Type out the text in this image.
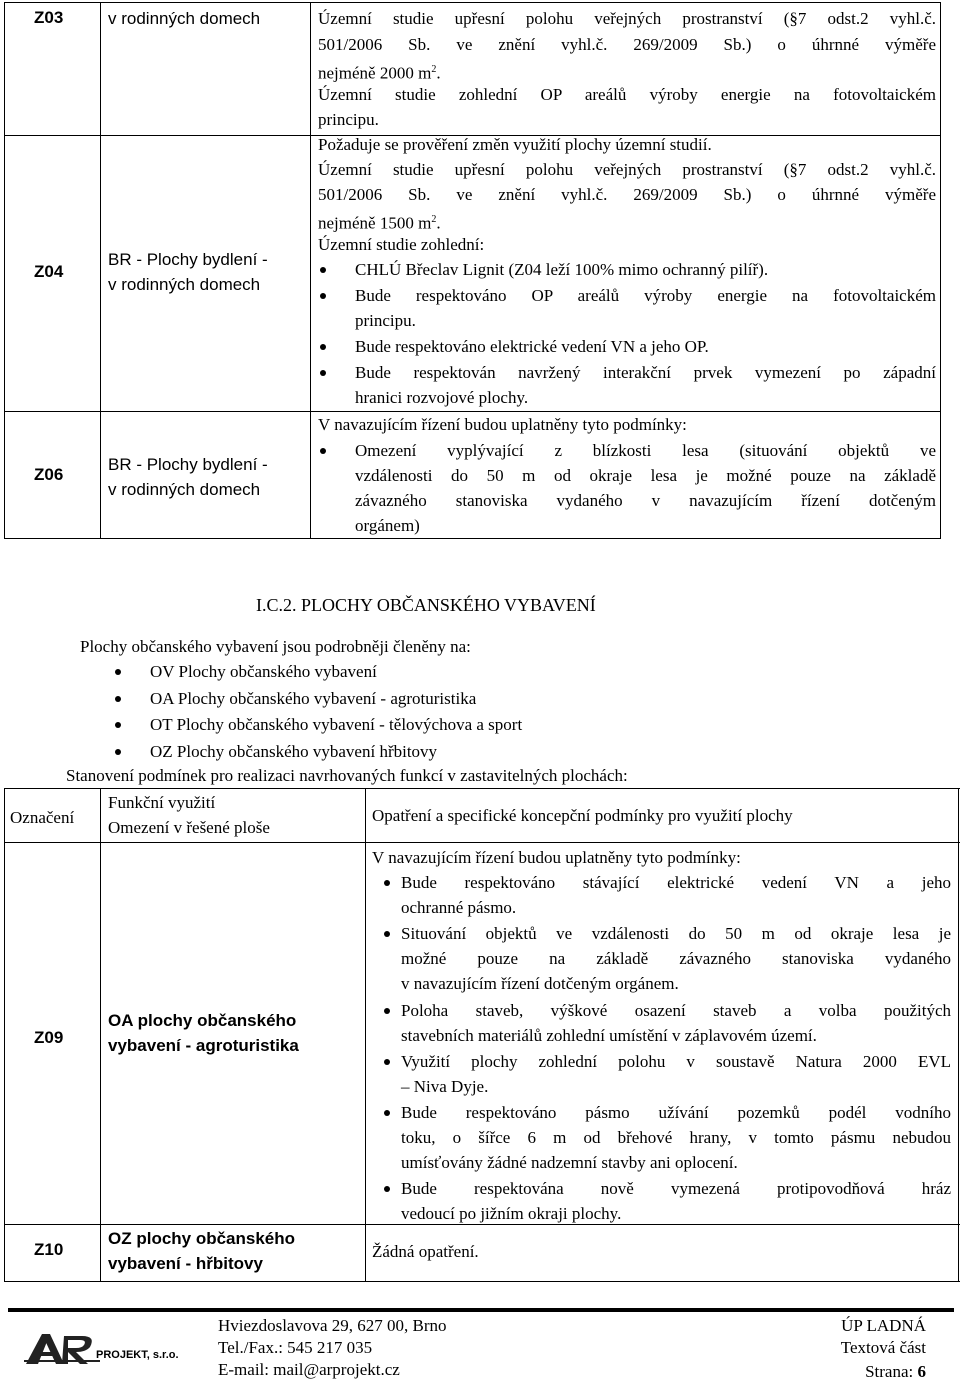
Z03	v rodinných domech	Územní studie upřesní polohu veřejných prostranství (§7 odst.2 vyhl.č.
501/2006 Sb. ve znění vyhl.č. 269/2009 Sb.) o úhrnné výměře
nejméně 2000 $m^2$.
Územní studie zohlední OP areálů výroby energie na fotovoltaickém
principu.
Z04
BR - Plochy bydlení -
v rodinných domech
Požaduje se prověření změn využití plochy územní studií.
Územní studie upřesní polohu veřejných prostranství (§7 odst.2 vyhl.č.
501/2006 Sb. ve znění vyhl.č. 269/2009 Sb.) o úhrnné výměře
nejméně 1500 $m^2$.
Územní studie zohlední:
CHLÚ Břeclav Lignit (Z04 leží 100% mimo ochranný pilíř).
Bude respektováno OP areálů výroby energie na fotovoltaickém
principu.
Bude respektováno elektrické vedení VN a jeho OP.
Bude respektován navržený interakční prvek vymezení po západní
hranici rozvojové plochy.
Z06
BR - Plochy bydlení -
v rodinných domech
V navazujícím řízení budou uplatněny tyto podmínky:
Omezení vyplývající z blízkosti lesa (situování objektů ve
vzdálenosti do 50 m od okraje lesa je možné pouze na základě
závazného stanoviska vydaného v navazujícím řízení dotčeným
orgánem)
I.C.2. PLOCHY OBČANSKÉHO VYBAVENÍ
Plochy občanského vybavení jsou podrobněji členěny na:
OV Plochy občanského vybavení
OA Plochy občanského vybavení - agroturistika
OT Plochy občanského vybavení - tělovýchova a sport
OZ Plochy občanského vybavení hřbitovy
Stanovení podmínek pro realizaci navrhovaných funkcí v zastavitelných plochách:
Označení
Funkční využití
Omezení v řešené ploše
Opatření a specifické koncepční podmínky pro využití plochy
Z09
OA plochy občanského
vybavení - agroturistika
V navazujícím řízení budou uplatněny tyto podmínky:
Bude respektováno stávající elektrické vedení VN a jeho
ochranné pásmo.
Situování objektů ve vzdálenosti do 50 m od okraje lesa je
možné pouze na základě závazného stanoviska vydaného
v navazujícím řízení dotčeným orgánem.
Poloha staveb, výškové osazení staveb a volba použitých
stavebních materiálů zohlední umístění v záplavovém území.
Využití plochy zohlední polohu v soustavě Natura 2000 EVL
– Niva Dyje.
Bude respektováno pásmo užívání pozemků podél vodního
toku, o šířce 6 m od břehové hrany, v tomto pásmu nebudou
umísťovány žádné nadzemní stavby ani oplocení.
Bude respektována nově vymezená protipovodňová hráz
vedoucí po jižním okraji plochy.
Z10
OZ plochy občanského
vybavení - hřbitovy
Žádná opatření.
PROJEKT, s.r.o.
Hviezdoslavova 29, 627 00, Brno
Tel./Fax.: 545 217 035
E-mail: mail@arprojekt.cz
ÚP LADNÁ
Textová část
Strana: 6
